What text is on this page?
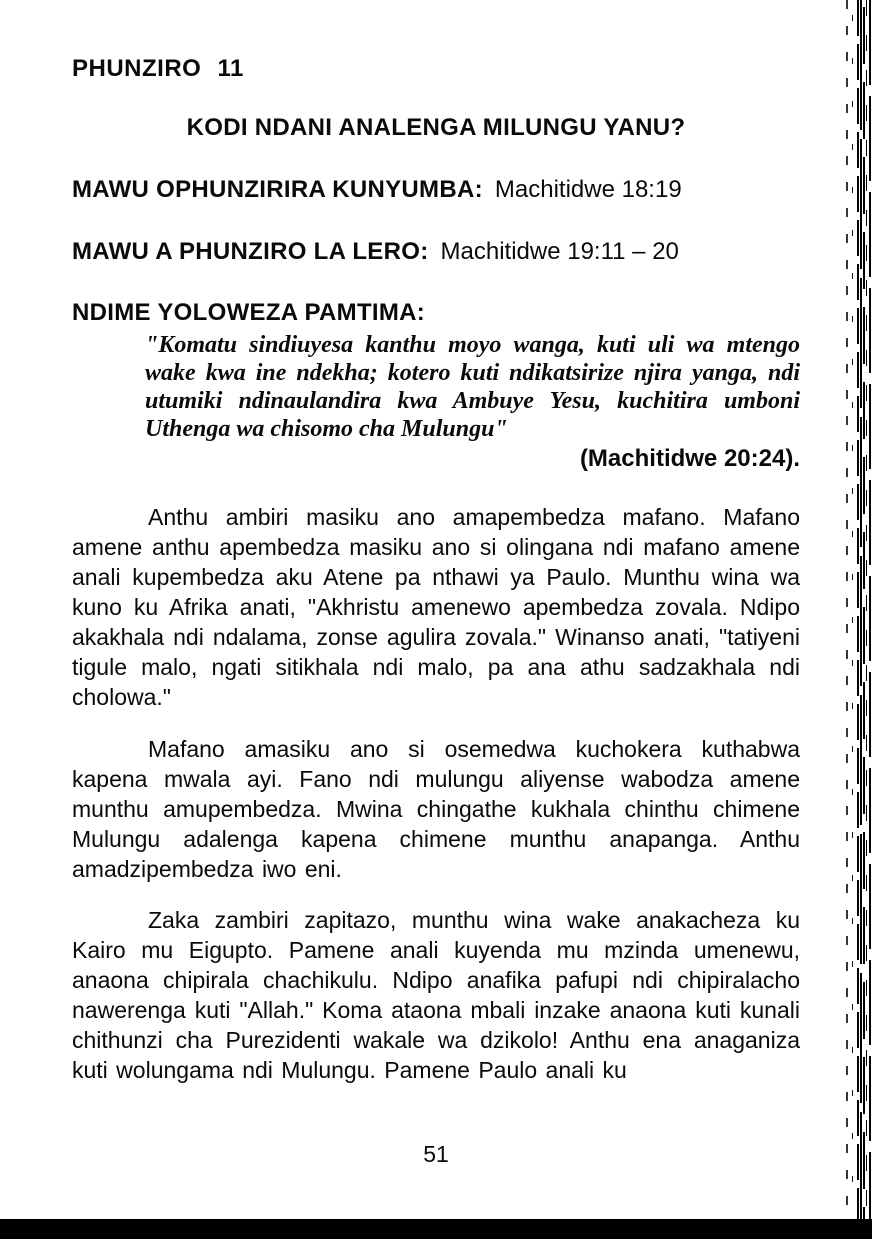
PHUNZIRO 11

KODI NDANI ANALENGA MILUNGU YANU?

MAWU OPHUNZIRIRA KUNYUMBA: Machitidwe 18:19

MAWU A PHUNZIRO LA LERO: Machitidwe 19:11 – 20

NDIME YOLOWEZA PAMTIMA:

"Komatu sindiuyesa kanthu moyo wanga, kuti uli wa mtengo wake kwa ine ndekha; kotero kuti ndikatsirize njira yanga, ndi utumiki ndinaulandira kwa Ambuye Yesu, kuchitira umboni Uthenga wa chisomo cha Mulungu"

(Machitidwe 20:24).

Anthu ambiri masiku ano amapembedza mafano. Mafano amene anthu apembedza masiku ano si olingana ndi mafano amene anali kupembedza aku Atene pa nthawi ya Paulo. Munthu wina wa kuno ku Afrika anati, "Akhristu amenewo apembedza zovala. Ndipo akakhala ndi ndalama, zonse agulira zovala." Winanso anati, "tatiyeni tigule malo, ngati sitikhala ndi malo, pa ana athu sadzakhala ndi cholowa."

Mafano amasiku ano si osemedwa kuchokera kuthabwa kapena mwala ayi. Fano ndi mulungu aliyense wabodza amene munthu amupembedza. Mwina chingathe kukhala chinthu chimene Mulungu adalenga kapena chimene munthu anapanga. Anthu amadzipembedza iwo eni.

Zaka zambiri zapitazo, munthu wina wake anakacheza ku Kairo mu Eigupto. Pamene anali kuyenda mu mzinda umenewu, anaona chipirala chachikulu. Ndipo anafika pafupi ndi chipiralacho nawerenga kuti "Allah." Koma ataona mbali inzake anaona kuti kunali chithunzi cha Purezidenti wakale wa dzikolo! Anthu ena anaganiza kuti wolungama ndi Mulungu. Pamene Paulo anali ku

51
